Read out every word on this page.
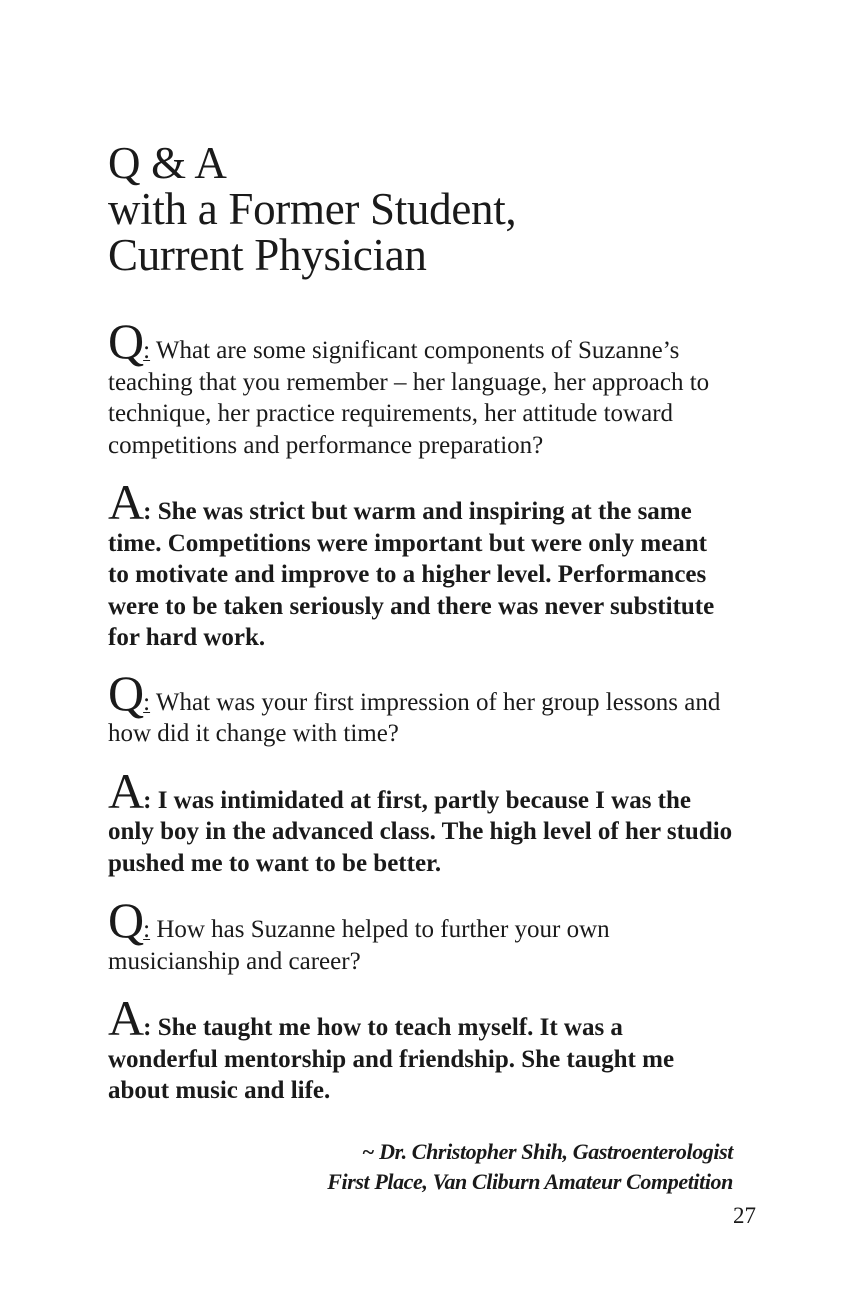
Q & A
with a Former Student,
Current Physician

Q: What are some significant components of Suzanne’s teaching that you remember – her language, her approach to technique, her practice requirements, her attitude toward competitions and performance preparation?

A: She was strict but warm and inspiring at the same time. Competitions were important but were only meant to motivate and improve to a higher level. Performances were to be taken seriously and there was never substitute for hard work.

Q: What was your first impression of her group lessons and how did it change with time?

A: I was intimidated at first, partly because I was the only boy in the advanced class. The high level of her studio pushed me to want to be better.

Q: How has Suzanne helped to further your own musicianship and career?

A: She taught me how to teach myself. It was a wonderful mentorship and friendship. She taught me about music and life.

~ Dr. Christopher Shih, Gastroenterologist
First Place, Van Cliburn Amateur Competition
27
